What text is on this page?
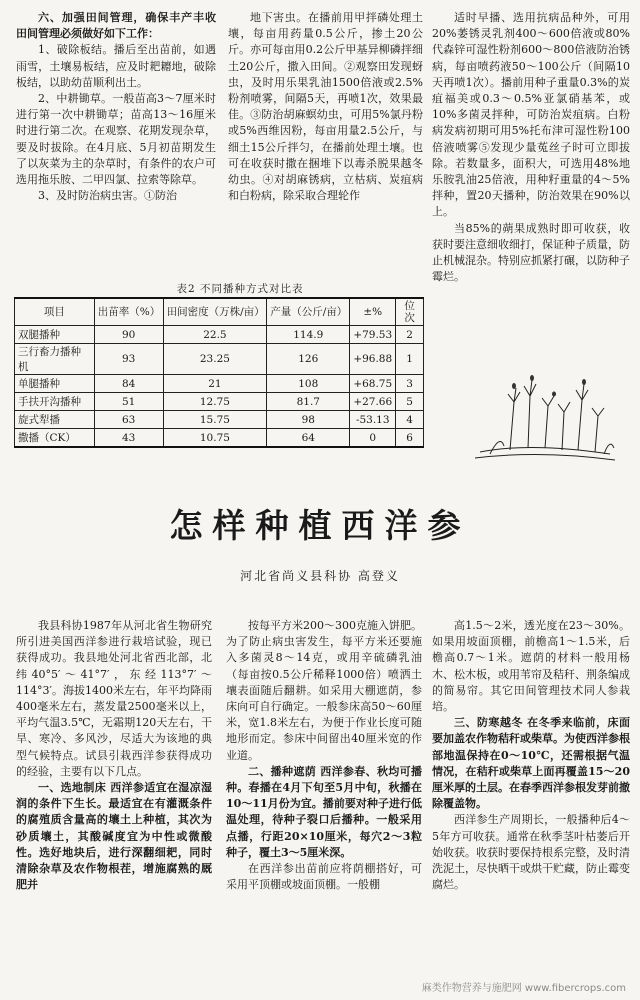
六、加强田间管理，确保丰产丰收 田间管理必须做好如下工作：

1、破除板结。播后至出苗前，如遇雨雪，土壤易板结，应及时耙耱地，破除板结，以助幼苗顺利出土。

2、中耕锄草。一般苗高3～7厘米时进行第一次中耕锄草；苗高13～16厘米时进行第二次。在观察、花期发现杂草，要及时拔除。在4月底、5月初苗期发生了以灰菜为主的杂草时，有条件的农户可选用拖乐胺、二甲四氯、拉索等除草。

3、及时防治病虫害。①防治

地下害虫。在播前用甲拌磷处理土壤，每亩用药量0.5公斤，掺土20公斤。亦可每亩用0.2公斤甲基异柳磷拌细土20公斤，撒入田间。②观察田发现蚜虫，及时用乐果乳油1500倍液或2.5%粉剂喷雾，间隔5天，再喷1次，效果最佳。③防治胡麻螟幼虫，可用5%氯丹粉或5%西维因粉，每亩用量2.5公斤，与细土15公斤拌匀，在播前处理土壤。也可在收获时撒在捆堆下以毒杀脱果越冬幼虫。④对胡麻锈病，立枯病、炭疽病和白粉病，除采取合理轮作

适时早播、选用抗病品种外，可用20%萎锈灵乳剂400～600倍液或80%代森锌可湿性粉剂600～800倍液防治锈病，每亩喷药液50～100公斤（间隔10天再喷1次）。播前用种子重量0.3%的炭疽福美或0.3～0.5%亚氯硝基苯，或10%多菌灵拌种，可防治炭疽病。白粉病发病初期可用5%托布津可湿性粉100倍液喷雾⑤发现少量菟丝子时可立即拔除。若数量多，面积大，可选用48%地乐胺乳油25倍液，用种籽重量的4～5%拌种，置20天播种，防治效果在90%以上。

当85%的蒴果成熟时即可收获，收获时要注意细收细打，保证种子质量，防止机械混杂。特别应抓紧打碾，以防种子霉烂。

表2 不同播种方式对比表
项目	出苗率（%）	田间密度（万株/亩）	产量（公斤/亩）	±%	位次
双腿播种	90	22.5	114.9	+79.53	2
三行畜力播种机	93	23.25	126	+96.88	1
单腿播种	84	21	108	+68.75	3
手扶开沟播种	51	12.75	81.7	+27.66	5
旋式犁播	63	15.75	98	-53.13	4
撒播（CK）	43	10.75	64	0	6
怎样种植西洋参
河北省尚义县科协 高登义

我县科协1987年从河北省生物研究所引进美国西洋参进行栽培试验，现已获得成功。我县地处河北省西北部，北纬40°5′～41°7′，东经113°7′～114°3′。海拔1400米左右，年平均降雨400毫米左右，蒸发量2500毫米以上，平均气温3.5℃，无霜期120天左右，干旱、寒冷、多风沙，尽适大为该地的典型气候特点。试县引栽西洋参获得成功的经验，主要有以下几点。

一、选地制床 西洋参适宜在湿凉湿润的条件下生长。最适宜在有灌溉条件的腐殖质含量高的壤土上种植，其次为砂质壤土，其酸碱度宜为中性或微酸性。选好地块后，进行深翻细耙，同时清除杂草及农作物根茬，增施腐熟的厩肥并

按每平方米200～300克施入饼肥。为了防止病虫害发生，每平方米还要施入多菌灵8～14克，或用辛硫磷乳油（每亩按0.5公斤稀释1000倍）喷洒土壤表面随后翻耕。如采用大棚遮荫，参床向可自行确定。一般参床高50～60厘米，宽1.8米左右，为便于作业长度可随地形而定。参床中间留出40厘米宽的作业道。

二、播种遮荫 西洋参春、秋均可播种。春播在4月下旬至5月中旬，秋播在10～11月份为宜。播前要对种子进行低温处理，待种子裂口后播种。一般采用点播，行距20×10厘米，每穴2～3粒种子，覆土3～5厘米深。

在西洋参出苗前应将荫棚搭好，可采用平顶棚或坡面顶棚。一般棚

高1.5～2米，透光度在23～30%。如果用坡面顶棚，前檐高1～1.5米，后檐高0.7～1米。遮荫的材料一般用杨木、松木板，或用苇帘及秸秆、荆条编成的简易帘。其它田间管理技术同人参栽培。

三、防寒越冬 在冬季来临前，床面要加盖农作物秸秆或柴草。为使西洋参根部地温保持在0～10℃，还需根据气温情况，在秸秆或柴草上面再覆盖15～20厘米厚的土层。在春季西洋参根发芽前撤除覆盖物。

西洋参生产周期长，一般播种后4～5年方可收获。通常在秋季茎叶枯萎后开始收获。收获时要保持根系完整，及时清洗泥土，尽快晒干或烘干贮藏，防止霉变腐烂。

麻类作物营养与施肥网 www.fibercrops.com
